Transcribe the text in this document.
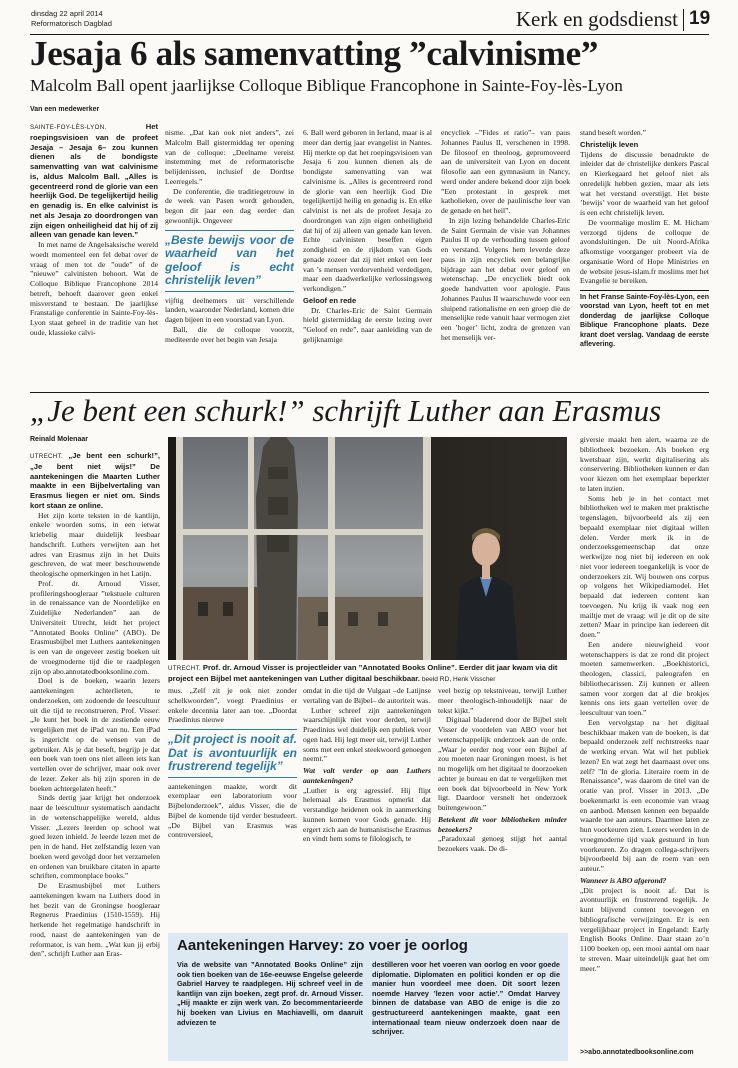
dinsdag 22 april 2014
Reformatorisch Dagblad	Kerk en godsdienst 19
Jesaja 6 als samenvatting ”calvinisme”
Malcolm Ball opent jaarlijkse Colloque Biblique Francophone in Sainte-Foy-lès-Lyon
Van een medewerker

SAINTE-FOY-LÈS-LYON.	Het roepingsvisioen van de profeet Jesaja – Jesaja 6– zou kunnen dienen als de bondigste samenvatting van wat calvinisme is, aldus Malcolm Ball. „Alles is gecentreerd rond de glorie van een heerlijk God. De tegelijkertijd heilig en genadig is. En elke calvinist is net als Jesaja zo doordrongen van zijn eigen onheiligheid dat hij of zij alleen van genade kan leven.”

In met name de Angelsaksische wereld woedt momenteel een fel debat over de vraag of men tot de ”oude” of de ”nieuwe” calvinisten behoort. Wat de Colloque Biblique Francophone 2014 betreft, behoeft daarover geen enkel misverstand te bestaan. De jaarlijkse Franstalige conferentie in Sainte-Foy-lès-Lyon staat geheel in de traditie van het oude, klassieke calvi-

nisme. „Dat kan ook niet anders”, zei Malcolm Ball gistermiddag ter opening van de colloque: „Deelname vereist instemming met de reformatorische belijdenissen, inclusief de Dordtse Leerregels.”

De conferentie, die traditiegetrouw in de week van Pasen wordt gehouden, begon dit jaar een dag eerder dan gewoonlijk. Ongeveer

„Beste bewijs voor de waarheid van het geloof is echt christelijk leven”

vijftig deelnemers uit verschillende landen, waaronder Nederland, komen drie dagen bijeen in een voorstad van Lyon.

Ball, die de colloque voorzit, mediteerde over het begin van Jesaja

6. Ball werd geboren in Ierland, maar is al meer dan dertig jaar evangelist in Nantes. Hij merkte op dat het roepingsvisioen van Jesaja 6 zou kunnen dienen als de bondigste samenvatting van wat calvinisme is. „Alles is gecentreerd rond de glorie van een heerlijk God Die tegelijkertijd heilig en genadig is. En elke calvinist is net als de profeet Jesaja zo doordrongen van zijn eigen onheiligheid dat hij of zij alleen van genade kan leven. Echte calvinisten beseffen eigen zondigheid en de rijkdom van Gods genade zozeer dat zij niet enkel een leer van ’s mensen verdorvenheid verdedigen, maar een daadwerkelijke verlossingsweg verkondigen.”

Geloof en rede

Dr. Charles-Eric de Saint Germain hield gistermiddag de eerste lezing over ”Geloof en rede”, naar aanleiding van de gelijknamige

encycliek –”Fides et ratio”– van paus Johannes Paulus II, verschenen in 1998. De filosoof en theoloog, gepromoveerd aan de universiteit van Lyon en docent filosofie aan een gymnasium in Nancy, werd onder andere bekend door zijn boek ”Een protestant in gesprek met katholieken, over de paulinische leer van de genade en het heil”.

In zijn lezing behandelde Charles-Eric de Saint Germain de visie van Johannes Paulus II op de verhouding tussen geloof en verstand. Volgens hem leverde deze paus in zijn encycliek een belangrijke bijdrage aan het debat over geloof en wetenschap. „De encycliek biedt ook goede handvatten voor apologie. Paus Johannes Paulus II waarschuwde voor een sluipend rationalisme en een groep die de menselijke rede vanuit haar vermogen ziet een ’hoger’ licht, zodra de grenzen van het menselijk ver-

stand beseft worden.”

Christelijk leven

Tijdens de discussie benadrukte de inleider dat de christelijke denkers Pascal en Kierkegaard het geloof niet als onredelijk hebben gezien, maar als iets wat het verstand overstijgt. Het beste ’bewijs’ voor de waarheid van het geloof is een echt christelijk leven.

De voormalige moslim E. M. Hicham verzorgd tijdens de colloque de avondsluitingen. De uit Noord-Afrika afkomstige voorganger probeert via de organisatie Word of Hope Ministries en de website jesus-islam.fr moslims met het Evangelie te bereiken.

In het Franse Sainte-Foy-lès-Lyon, een voorstad van Lyon, heeft tot en met donderdag de jaarlijkse Colloque Biblique Francophone plaats. Deze krant doet verslag. Vandaag de eerste aflevering.

„Je bent een schurk!” schrijft Luther aan Erasmus
Reinald Molenaar

UTRECHT. „Je bent een schurk!”, „Je bent niet wijs!” De aantekeningen die Maarten Luther maakte in een Bijbelvertaling van Erasmus liegen er niet om. Sinds kort staan ze online.

Het zijn korte teksten in de kantlijn, enkele woorden soms, in een ietwat kriebelig maar duidelijk leesbaar handschrift. Luthers verwijten aan het adres van Erasmus zijn in het Duits geschreven, de wat meer beschouwende theologische opmerkingen in het Latijn.

Prof. dr. Arnoud Visser, profileringshoogleraar ”tekstuele culturen in de renaissance van de Noordelijke en Zuidelijke Nederlanden” aan de Universiteit Utrecht, leidt het project ”Annotated Books Online” (ABO). De Erasmusbijbel met Luthers aantekeningen is een van de ongeveer zestig boeken uit de vroegmoderne tijd die te raadplegen zijn op abo.annotatedbooksonline.com.

Doel is de boeken, waarin lezers aantekeningen achterlieten, te onderzoeken, om zodoende de leescultuur uit die tijd te reconstrueren. Prof. Visser: „Je kunt het boek in de zestiende eeuw vergelijken met de iPad van nu. Een iPad is ingericht op de wensen van de gebruiker. Als je dat beseft, begrijp je dat een boek van toen ons niet alleen iets kan vertellen over de schrijver, maar ook over de lezer. Zeker als hij zijn sporen in de boeken achtergelaten heeft.”

Sinds dertig jaar krijgt het onderzoek naar de leescultuur systematisch aandacht in de wetenschappelijke wereld, aldus Visser. „Lezers leerden op school wat goed lezen inhield. Je leerde lezen met de pen in de hand. Het zelfstandig lezen van boeken werd gevolgd door het verzamelen en ordenen van bruikbare citaten in aparte schriften, commonplace books.”

De Erasmusbijbel met Luthers aantekeningen kwam na Luthers dood in het bezit van de Groningse hoogleraar Regnerus Praedinius (1510-1559). Hij herkende het regelmatige handschrift in rood, naast de aantekeningen van de reformator, is van hem. „Wat kun jij erbij den”, schrijft Luther aan Eras-

UTRECHT. Prof. dr. Arnoud Visser is projectleider van ”Annotated Books Online”. Eerder dit jaar kwam via dit project een Bijbel met aantekeningen van Luther digitaal beschikbaar. beeld RD, Henk Visscher

mus. „Zelf zit je ook niet zonder schelkwoorden”, voegt Praedinius er enkele decennia later aan toe. „Doordat Praedinius nieuwe

„Dit project is nooit af. Dat is avontuurlijk en frustrerend tegelijk”

aantekeningen maakte, wordt dit exemplaar een laboratorium voor Bijbelonderzoek”, aldus Visser, die de Bijbel de komende tijd verder bestudeert. „De Bijbel van Erasmus was controversieel,

omdat in die tijd de Vulgaat –de Latijnse vertaling van de Bijbel– de autoriteit was.

Luther schreef zijn aantekeningen waarschijnlijk niet voor derden, terwijl Praedinius wel duidelijk een publiek voor ogen had. Hij legt meer uit, terwijl Luther soms met een enkel steekwoord genoegen neemt.”

Wat valt verder op aan Luthers aantekeningen?

„Luther is erg agressief. Hij flipt helemaal als Erasmus opmerkt dat verstandige heidenen ook in aanmerking kunnen komen voor Gods genade. Hij ergert zich aan de humanistische Erasmus en vindt hem soms te filologisch, te

veel bezig op tekstniveau, terwijl Luther meer theologisch-inhoudelijk naar de tekst kijkt.”

Digitaal bladerend door de Bijbel stelt Visser de voordelen van ABO voor het wetenschappelijk onderzoek aan de orde. „Waar je eerder nog voor een Bijbel af zou moeten naar Groningen moest, is het nu mogelijk om het digitaal te doorzoeken achter je bureau en dat te vergelijken met een boek dat bijvoorbeeld in New York ligt. Daardoor versnelt het onderzoek buitengewoon.”

Betekent dit voor bibliotheken minder bezoekers?

„Paradoxaal genoeg stijgt het aantal bezoekers vaak. De di-

giversie maakt hen alert, waarna ze de bibliotheek bezoeken. Als boeken erg kwetsbaar zijn, werkt digitalisering als conservering. Bibliotheken kunnen er dan voor kiezen om het exemplaar beperkter te laten inzien.

Soms heb je in het contact met bibliotheken wel te maken met praktische tegenslagen, bijvoorbeeld als zij een bepaald exemplaar niet digitaal willen delen. Verder merk ik in de onderzoeksgemeenschap dat onze werkwijze nog niet bij iedereen en ook niet voor iedereen toegankelijk is voor de onderzoekers zit. Wij bouwen ons corpus op volgens het Wikipediamodel. Het bepaald dat iedereen content kan toevoegen. Nu krijg ik vaak nog een mailtje met de vraag: wil je dit op de site zetten? Maar in principe kan iedereen dit doen.”

Een andere nieuwigheid voor wetenschappers is dat ze rond dit project moeten samenwerken. „Boekhistorici, theologen, classici, paleografen en bibliothecarissen. Zij kunnen er alleen samen voor zorgen dat al die brokjes kennis ons iets gaan vertellen over de leescultuur van toen.”

Een vervolgstap na het digitaal beschikbaar maken van de boeken, is dat bepaald onderzoek zelf rechtstreeks naar de werking ervan. Wat wil het publiek lezen? En wat zegt het daarnaast over ons zelf? "In de gloria. Literaire roem in de Renaissance", was daarom de titel van de oratie van prof. Visser in 2013. „De boekenmarkt is een economie van vraag en aanbod. Mensen kennen een bepaalde waarde toe aan auteurs. Daarmee laten ze hun voorkeuren zien. Lezers werden in de vroegmoderne tijd vaak gestuurd in hun voorkeuren. Zo dragen collega-schrijvers bijvoorbeeld bij aan de roem van een auteur.”

Wanneer is ABO afgerond?

„Dit project is nooit af. Dat is avontuurlijk en frustrerend tegelijk. Je kunt blijvend content toevoegen en bibliografische verwijzingen. Er is een vergelijkbaar project in Engeland: Early English Books Online. Daar staan zo’n 1100 boeken op, een mooi aantal om naar te streven. Maar uiteindelijk gaat het om meer.”

>>abo.annotatedbooksonline.com
Aantekeningen Harvey: zo voer je oorlog
Via de website van ”Annotated Books Online” zijn ook tien boeken van de 16e-eeuwse Engelse geleerde Gabriel Harvey te raadplegen. Hij schreef veel in de kantlijn van zijn boeken, zegt prof. dr. Arnoud Visser. „Hij maakte er zijn werk van. Zo becommentarieerde hij boeken van Livius en Machiavelli, om daaruit adviezen te
destilleren voor het voeren van oorlog en voor goede diplomatie. Diplomaten en politici konden er op die manier hun voordeel mee doen. Dit soort lezen noemde Harvey ’lezen voor actie’.” Omdat Harvey binnen de database van ABO de enige is die zo gestructureerd aantekeningen maakte, gaat een internationaal team nieuw onderzoek doen naar de schrijver.
